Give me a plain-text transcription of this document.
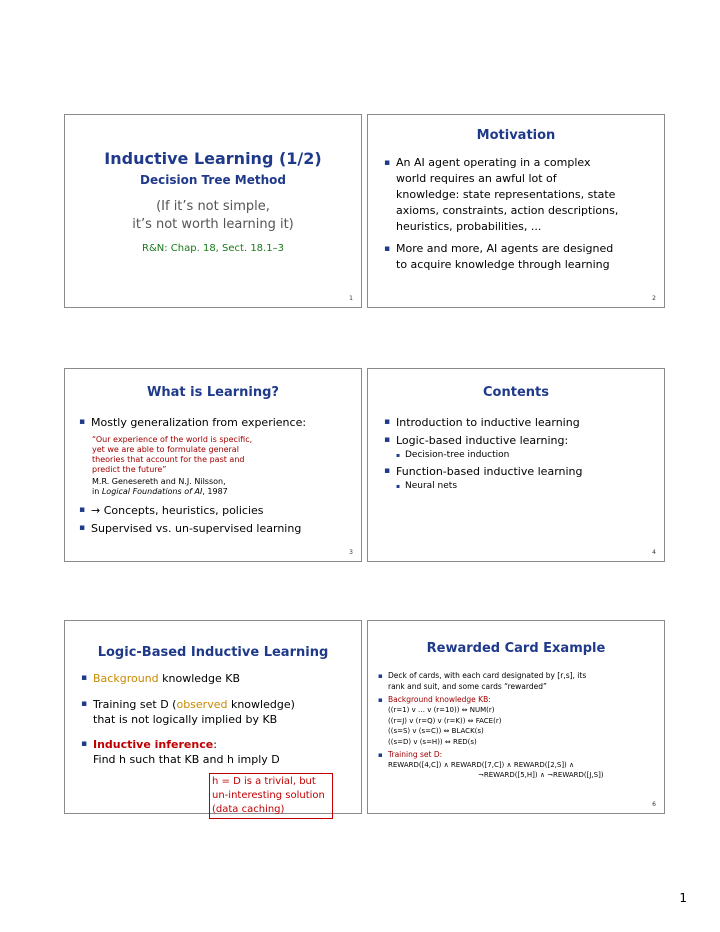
Inductive Learning (1/2)
Decision Tree Method
(If it’s not simple,
it’s not worth learning it)
R&N: Chap. 18, Sect. 18.1–3
1
Motivation
▪ An AI agent operating in a complex
world requires an awful lot of
knowledge: state representations, state
axioms, constraints, action descriptions,
heuristics, probabilities, ...
▪ More and more, AI agents are designed
to acquire knowledge through learning
2
What is Learning?
▪ Mostly generalization from experience:
“Our experience of the world is specific,
yet we are able to formulate general
theories that account for the past and
predict the future”
M.R. Genesereth and N.J. Nilsson,
in Logical Foundations of AI, 1987
▪ → Concepts, heuristics, policies
▪ Supervised vs. un-supervised learning
3
Contents
▪ Introduction to inductive learning
▪ Logic-based inductive learning:
▪ Decision-tree induction
▪ Function-based inductive learning
▪ Neural nets
4
Logic-Based Inductive Learning
▪ Background knowledge KB
▪ Training set D (observed knowledge)
that is not logically implied by KB
▪ Inductive inference:
Find h such that KB and h imply D
h = D is a trivial, but
un-interesting solution
(data caching)
Rewarded Card Example
▪ Deck of cards, with each card designated by [r,s], its
rank and suit, and some cards “rewarded”
▪ Background knowledge KB:
((r=1) v … v (r=10)) ⇔ NUM(r)
((r=J) v (r=Q) v (r=K)) ⇔ FACE(r)
((s=S) v (s=C)) ⇔ BLACK(s)
((s=D) v (s=H)) ⇔ RED(s)
▪ Training set D:
REWARD([4,C]) ∧ REWARD([7,C]) ∧ REWARD([2,S]) ∧
¬REWARD([5,H]) ∧ ¬REWARD([J,S])
6
1
